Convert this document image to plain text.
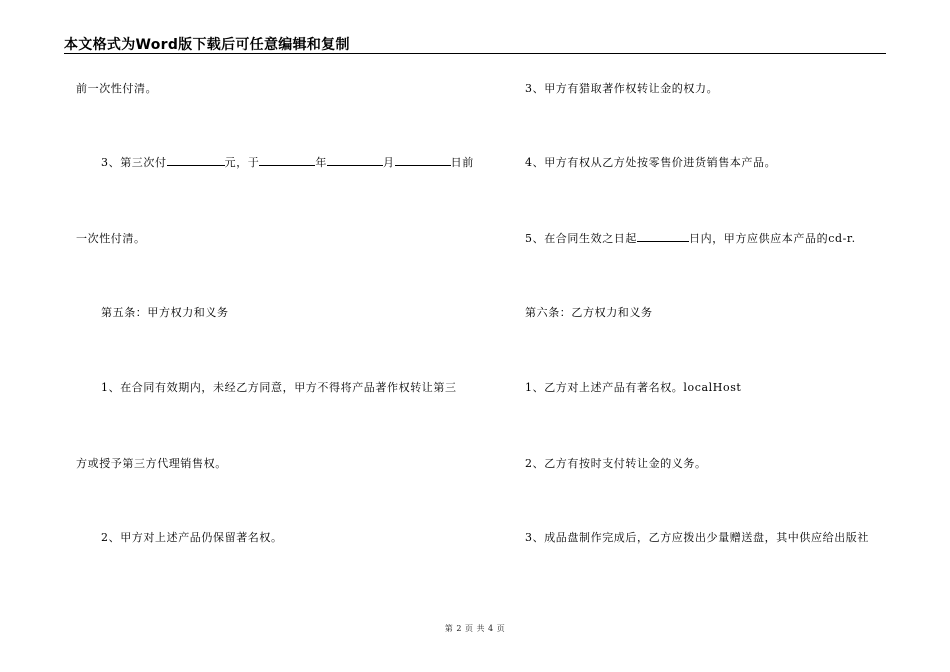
本文格式为Word版下载后可任意编辑和复制
前一次性付清。
3、第三次付	元，于	年	月	日前
一次性付清。
第五条：甲方权力和义务
1、在合同有效期内，未经乙方同意，甲方不得将产品著作权转让第三
方或授予第三方代理销售权。
2、甲方对上述产品仍保留著名权。
3、甲方有猎取著作权转让金的权力。
4、甲方有权从乙方处按零售价进货销售本产品。
5、在合同生效之日起	日内，甲方应供应本产品的cd-r.
第六条：乙方权力和义务
1、乙方对上述产品有著名权。localHost
2、乙方有按时支付转让金的义务。
3、成品盘制作完成后，乙方应拨出少量赠送盘，其中供应给出版社
第 2 页 共 4 页
